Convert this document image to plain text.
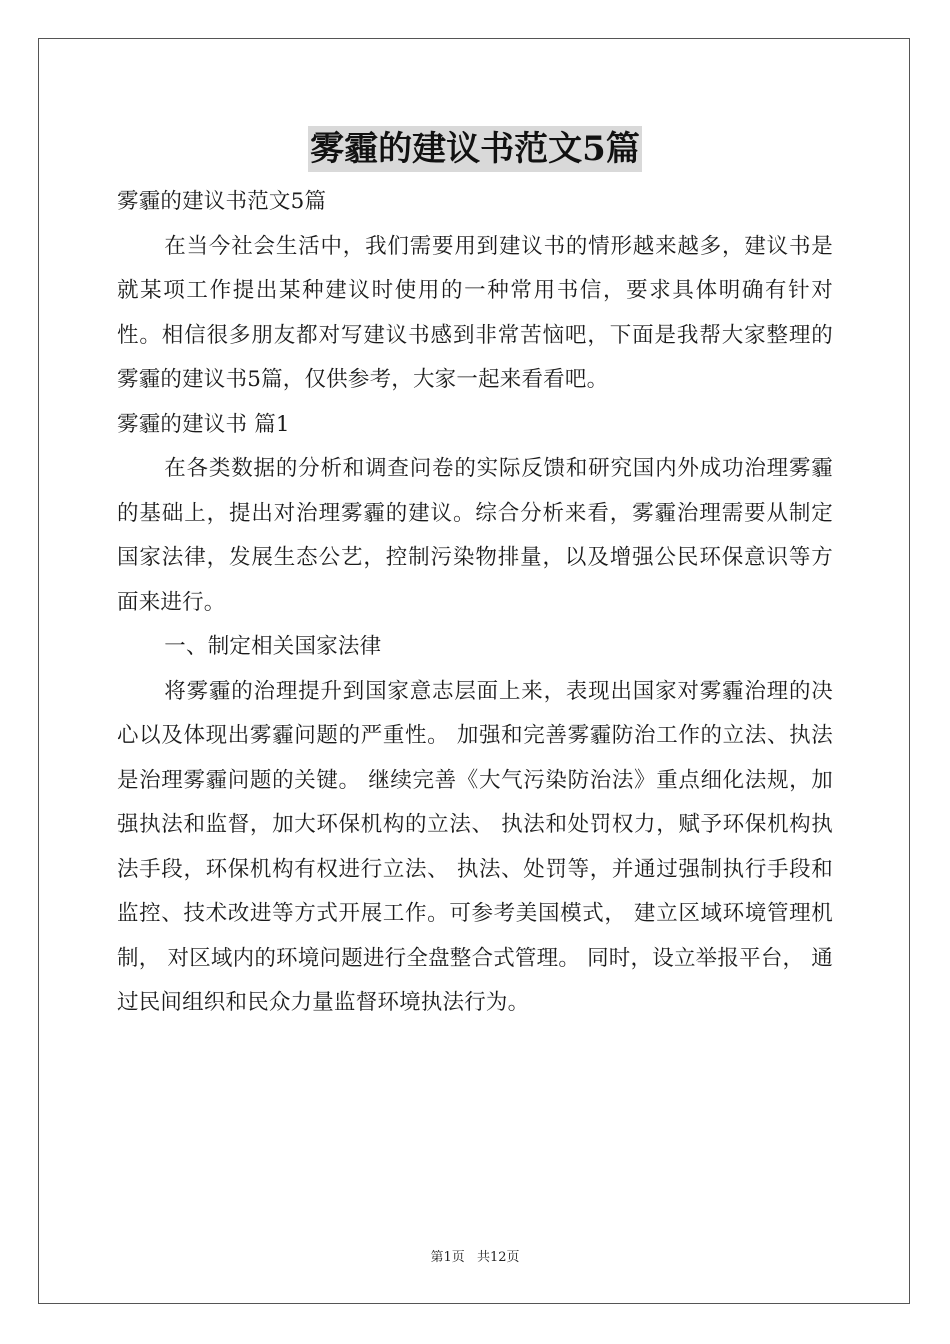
雾霾的建议书范文5篇

雾霾的建议书范文5篇

在当今社会生活中，我们需要用到建议书的情形越来越多，建议书是就某项工作提出某种建议时使用的一种常用书信，要求具体明确有针对性。相信很多朋友都对写建议书感到非常苦恼吧，下面是我帮大家整理的雾霾的建议书5篇，仅供参考，大家一起来看看吧。

雾霾的建议书 篇1

在各类数据的分析和调查问卷的实际反馈和研究国内外成功治理雾霾的基础上，提出对治理雾霾的建议。综合分析来看，雾霾治理需要从制定国家法律，发展生态公艺，控制污染物排量，以及增强公民环保意识等方面来进行。

一、制定相关国家法律

将雾霾的治理提升到国家意志层面上来，表现出国家对雾霾治理的决心以及体现出雾霾问题的严重性。 加强和完善雾霾防治工作的立法、执法是治理雾霾问题的关键。 继续完善《大气污染防治法》重点细化法规，加强执法和监督，加大环保机构的立法、 执法和处罚权力，赋予环保机构执法手段，环保机构有权进行立法、 执法、处罚等，并通过强制执行手段和监控、技术改进等方式开展工作。可参考美国模式， 建立区域环境管理机制， 对区域内的环境问题进行全盘整合式管理。 同时，设立举报平台， 通过民间组织和民众力量监督环境执法行为。

第1页 共12页
